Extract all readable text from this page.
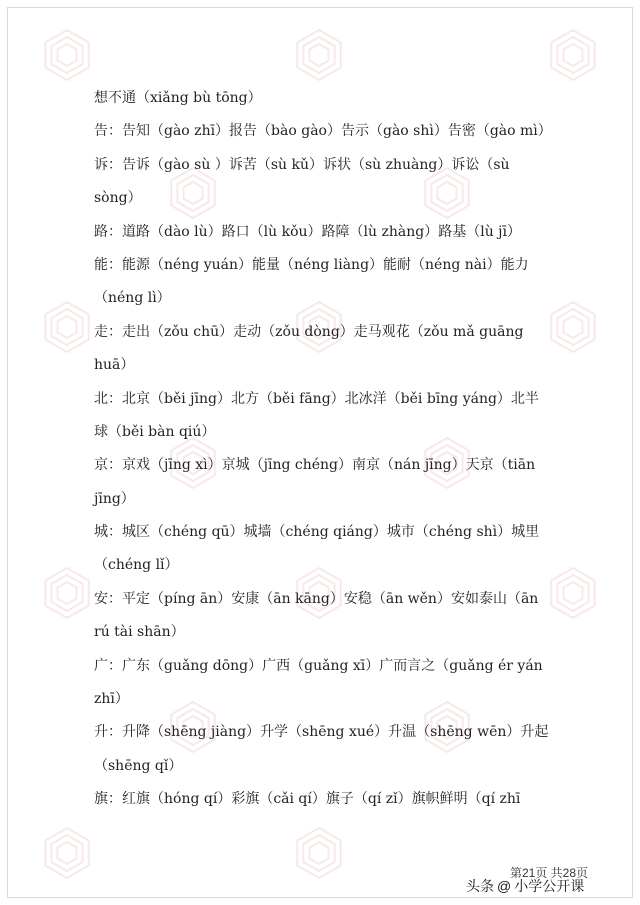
想不通（xiǎng bù tōng）
告：告知（gào zhī）报告（bào gào）告示（gào shì）告密（gào mì）
诉：告诉（gào sù ）诉苦（sù kǔ）诉状（sù zhuàng）诉讼（sù
sòng）
路：道路（dào lù）路口（lù kǒu）路障（lù zhàng）路基（lù jī）
能：能源（néng yuán）能量（néng liàng）能耐（néng nài）能力
（néng lì）
走：走出（zǒu chū）走动（zǒu dòng）走马观花（zǒu mǎ guāng
huā）
北：北京（běi jīng）北方（běi fāng）北冰洋（běi bīng yáng）北半
球（běi bàn qiú）
京：京戏（jīng xì）京城（jīng chéng）南京（nán jīng）天京（tiān
jīng）
城：城区（chéng qū）城墙（chéng qiáng）城市（chéng shì）城里
（chéng lǐ）
安：平定（píng ān）安康（ān kāng）安稳（ān wěn）安如泰山（ān
rú tài shān）
广：广东（guǎng dōng）广西（guǎng xī）广而言之（guǎng ér yán
zhī）
升：升降（shēng jiàng）升学（shēng xué）升温（shēng wēn）升起
（shēng qǐ）
旗：红旗（hóng qí）彩旗（cǎi qí）旗子（qí zǐ）旗帜鲜明（qí zhī
第21页 共28页
头条 @ 小学公开课
